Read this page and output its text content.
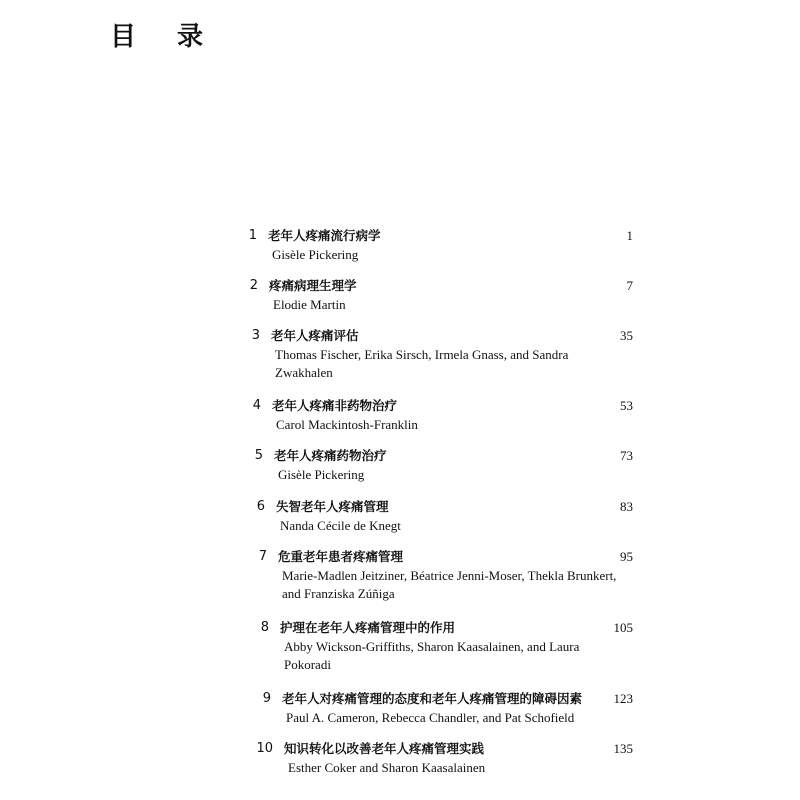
目 录
1 老年人疼痛流行病学
Gisèle Pickering
1
2 疼痛病理生理学
Elodie Martin
7
3 老年人疼痛评估
Thomas Fischer, Erika Sirsch, Irmela Gnass, and Sandra Zwakhalen
35
4 老年人疼痛非药物治疗
Carol Mackintosh-Franklin
53
5 老年人疼痛药物治疗
Gisèle Pickering
73
6 失智老年人疼痛管理
Nanda Cécile de Knegt
83
7 危重老年患者疼痛管理
Marie-Madlen Jeitziner, Béatrice Jenni-Moser, Thekla Brunkert, and Franziska Zúñiga
95
8 护理在老年人疼痛管理中的作用
Abby Wickson-Griffiths, Sharon Kaasalainen, and Laura Pokoradi
105
9 老年人对疼痛管理的态度和老年人疼痛管理的障碍因素
Paul A. Cameron, Rebecca Chandler, and Pat Schofield
123
10 知识转化以改善老年人疼痛管理实践
Esther Coker and Sharon Kaasalainen
135
